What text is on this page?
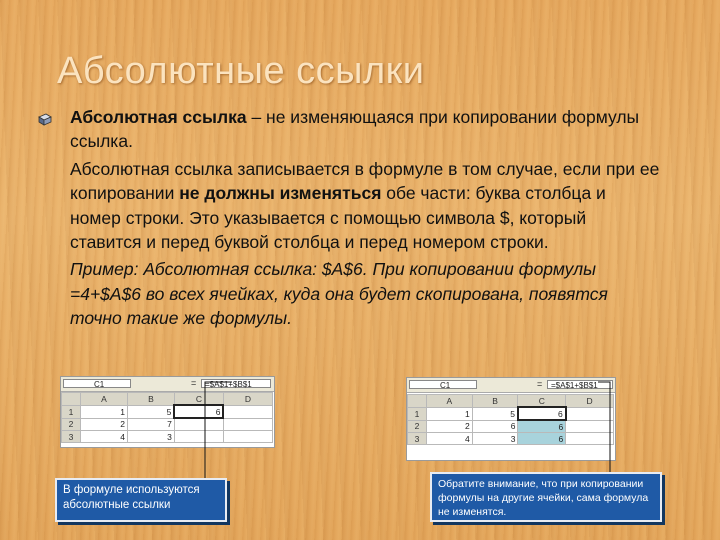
Абсолютные ссылки

Абсолютная ссылка – не изменяющаяся при копировании формулы ссылка.

Абсолютная ссылка записывается в формуле в том случае, если при ее копировании не должны изменяться обе части: буква столбца и номер строки. Это указывается с помощью символа $, который ставится и перед буквой столбца и перед номером строки.

Пример: Абсолютная ссылка: $A$6. При копировании формулы =4+$A$6 во всех ячейках, куда она будет скопирована, появятся точно такие же формулы.

C1	=	=$A$1+$B$1
	A	B	C	D
1	1	5	6	
2	2	7		
3	4	3		
C1	=	=$A$1+$B$1
	A	B	C	D
1	1	5	6	
2	2	6	6	
3	4	3	6	
В формуле используются абсолютные ссылки
Обратите внимание, что при копировании формулы на другие ячейки, сама формула не изменятся.
